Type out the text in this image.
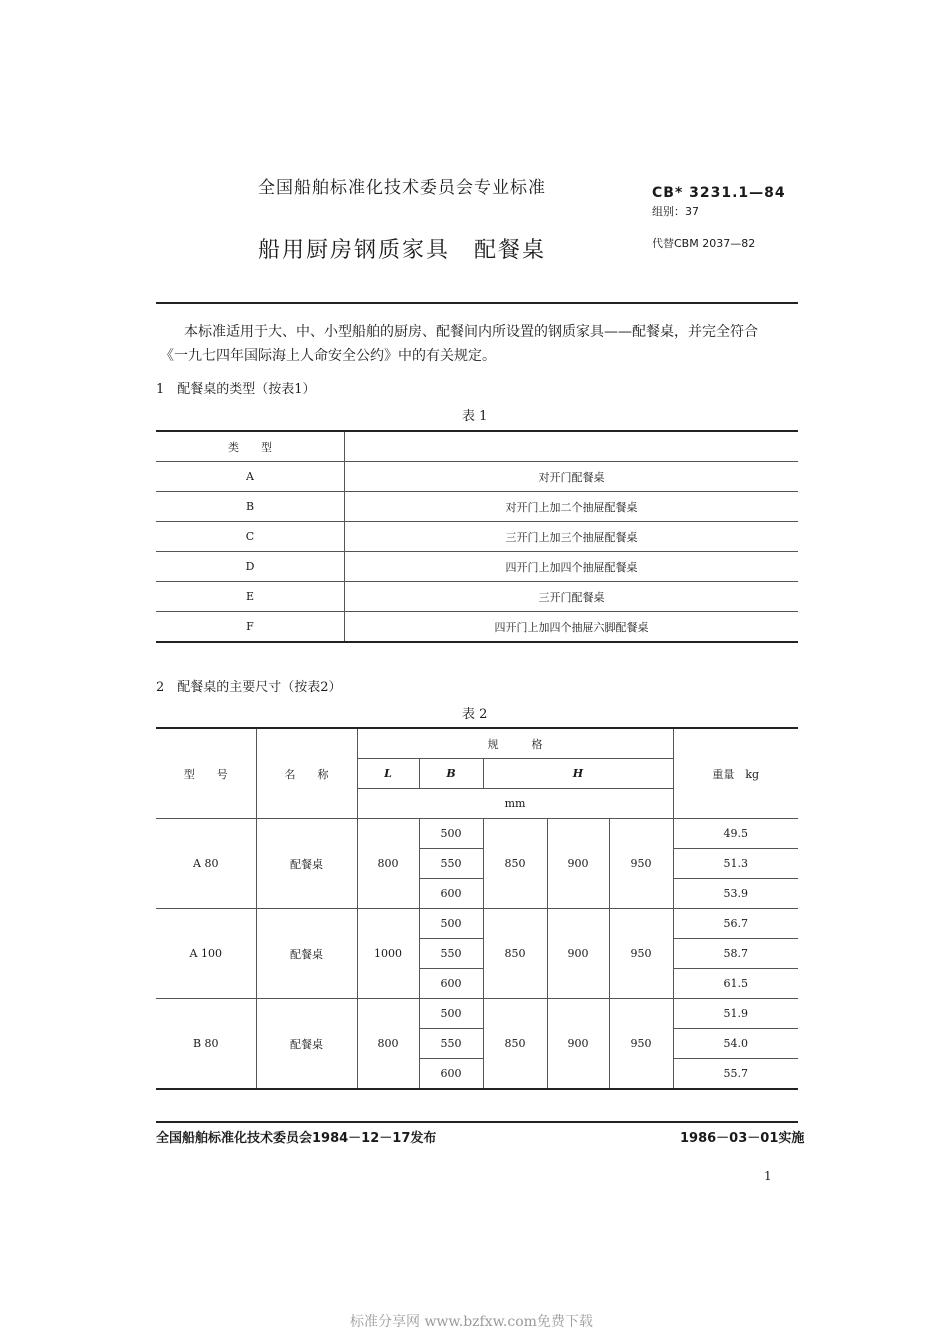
全国船舶标准化技术委员会专业标准
船用厨房钢质家具　配餐桌
CB* 3231.1—84
组别：37
代替CBM 2037—82
本标准适用于大、中、小型船舶的厨房、配餐间内所设置的钢质家具——配餐桌，并完全符合
《一九七四年国际海上人命安全公约》中的有关规定。
1　配餐桌的类型（按表1）
表 1
类　　型	
A	对开门配餐桌
B	对开门上加二个抽屉配餐桌
C	三开门上加三个抽屉配餐桌
D	四开门上加四个抽屉配餐桌
E	三开门配餐桌
F	四开门上加四个抽屉六脚配餐桌
2　配餐桌的主要尺寸（按表2）
表 2
型　　号	名　　称	规　　　格					重量　kg
		L	B	H			
		mm					
A 80	配餐桌	800	500	850	900	950	49.5
			550				51.3
			600				53.9
A 100	配餐桌	1000	500	850	900	950	56.7
			550				58.7
			600				61.5
B 80	配餐桌	800	500	850	900	950	51.9
			550				54.0
			600				55.7
全国船舶标准化技术委员会1984－12－17发布	1986－03－01实施
1
标准分享网 www.bzfxw.com免费下载
